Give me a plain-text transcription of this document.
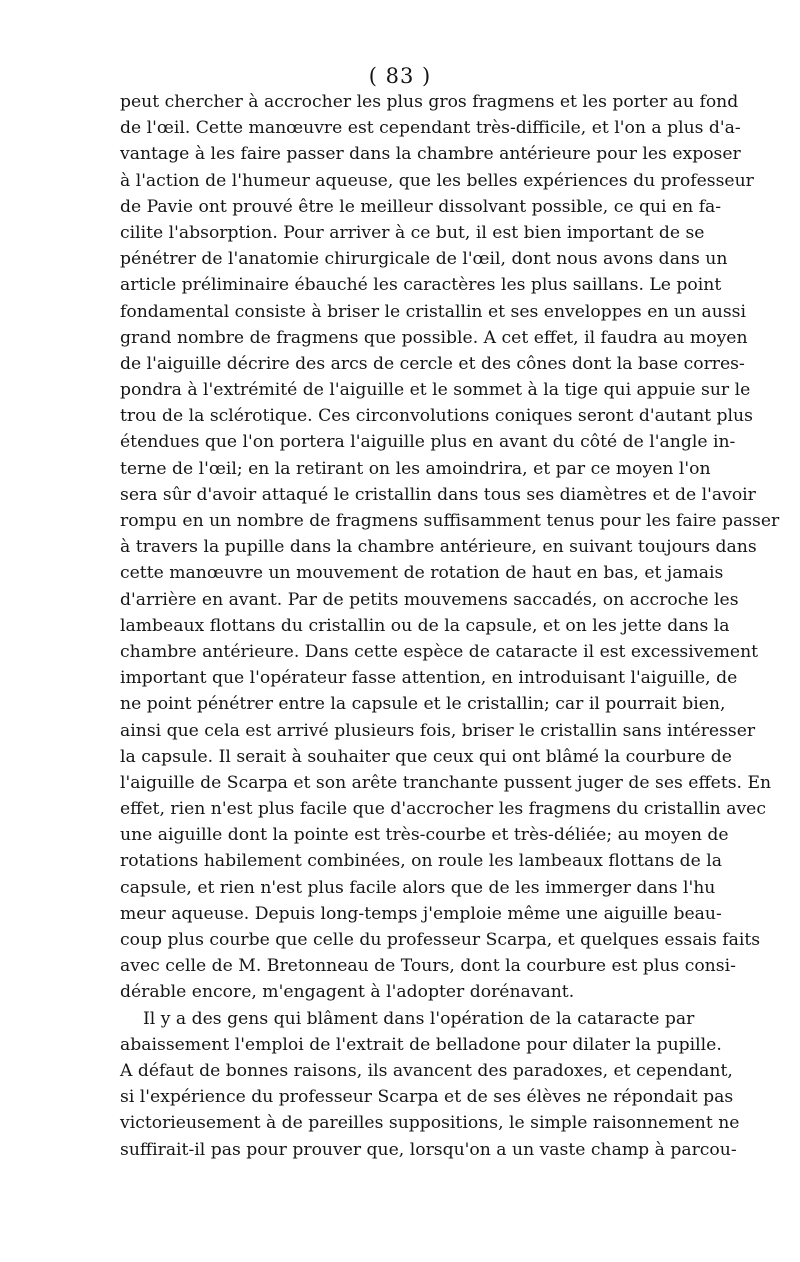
( 83 )
peut chercher à accrocher les plus gros fragmens et les porter au fond
de l'œil. Cette manœuvre est cependant très-difficile, et l'on a plus d'a-
vantage à les faire passer dans la chambre antérieure pour les exposer
à l'action de l'humeur aqueuse, que les belles expériences du professeur
de Pavie ont prouvé être le meilleur dissolvant possible, ce qui en fa-
cilite l'absorption. Pour arriver à ce but, il est bien important de se
pénétrer de l'anatomie chirurgicale de l'œil, dont nous avons dans un
article préliminaire ébauché les caractères les plus saillans. Le point
fondamental consiste à briser le cristallin et ses enveloppes en un aussi
grand nombre de fragmens que possible. A cet effet, il faudra au moyen
de l'aiguille décrire des arcs de cercle et des cônes dont la base corres-
pondra à l'extrémité de l'aiguille et le sommet à la tige qui appuie sur le
trou de la sclérotique. Ces circonvolutions coniques seront d'autant plus
étendues que l'on portera l'aiguille plus en avant du côté de l'angle in-
terne de l'œil; en la retirant on les amoindrira, et par ce moyen l'on
sera sûr d'avoir attaqué le cristallin dans tous ses diamètres et de l'avoir
rompu en un nombre de fragmens suffisamment tenus pour les faire passer
à travers la pupille dans la chambre antérieure, en suivant toujours dans
cette manœuvre un mouvement de rotation de haut en bas, et jamais
d'arrière en avant. Par de petits mouvemens saccadés, on accroche les
lambeaux flottans du cristallin ou de la capsule, et on les jette dans la
chambre antérieure. Dans cette espèce de cataracte il est excessivement
important que l'opérateur fasse attention, en introduisant l'aiguille, de
ne point pénétrer entre la capsule et le cristallin; car il pourrait bien,
ainsi que cela est arrivé plusieurs fois, briser le cristallin sans intéresser
la capsule. Il serait à souhaiter que ceux qui ont blâmé la courbure de
l'aiguille de Scarpa et son arête tranchante pussent juger de ses effets. En
effet, rien n'est plus facile que d'accrocher les fragmens du cristallin avec
une aiguille dont la pointe est très-courbe et très-déliée; au moyen de
rotations habilement combinées, on roule les lambeaux flottans de la
capsule, et rien n'est plus facile alors que de les immerger dans l'hu
meur aqueuse. Depuis long-temps j'emploie même une aiguille beau-
coup plus courbe que celle du professeur Scarpa, et quelques essais faits
avec celle de M. Bretonneau de Tours, dont la courbure est plus consi-
dérable encore, m'engagent à l'adopter dorénavant.
Il y a des gens qui blâment dans l'opération de la cataracte par
abaissement l'emploi de l'extrait de belladone pour dilater la pupille.
A défaut de bonnes raisons, ils avancent des paradoxes, et cependant,
si l'expérience du professeur Scarpa et de ses élèves ne répondait pas
victorieusement à de pareilles suppositions, le simple raisonnement ne
suffirait-il pas pour prouver que, lorsqu'on a un vaste champ à parcou-
